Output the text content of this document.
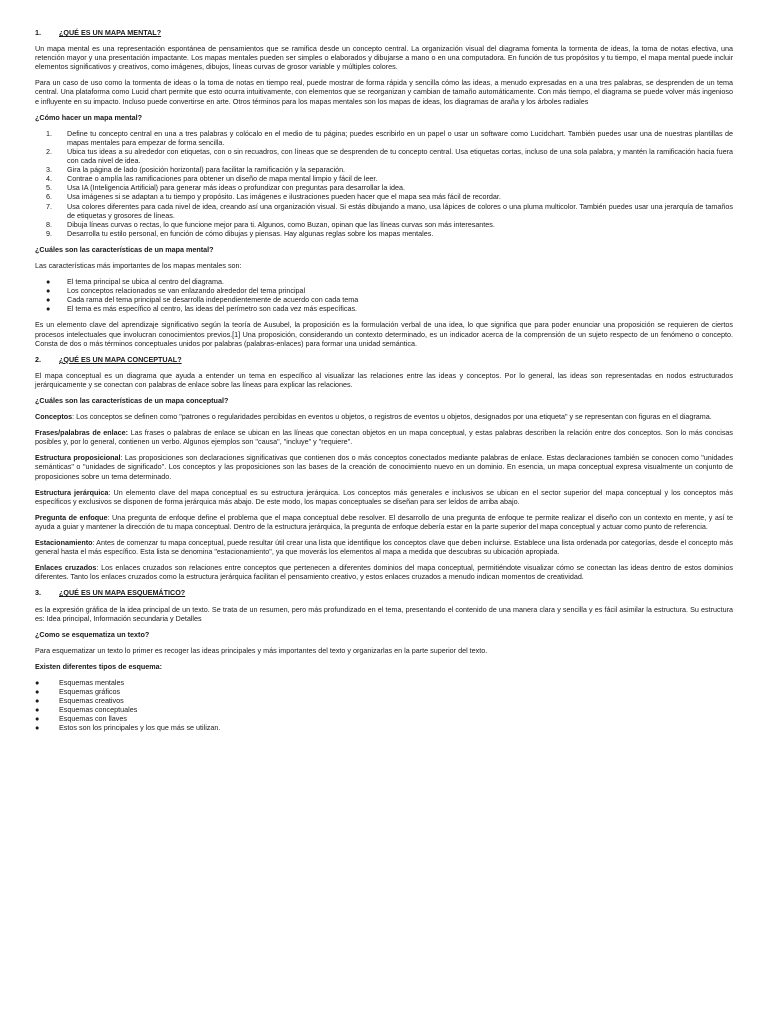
1.	¿QUÉ ES UN MAPA MENTAL?

Un mapa mental es una representación espontánea de pensamientos que se ramifica desde un concepto central. La organización visual del diagrama fomenta la tormenta de ideas, la toma de notas efectiva, una retención mayor y una presentación impactante. Los mapas mentales pueden ser simples o elaborados y dibujarse a mano o en una computadora. En función de tus propósitos y tu tiempo, el mapa mental puede incluir elementos significativos y creativos, como imágenes, dibujos, líneas curvas de grosor variable y múltiples colores.

Para un caso de uso como la tormenta de ideas o la toma de notas en tiempo real, puede mostrar de forma rápida y sencilla cómo las ideas, a menudo expresadas en a una tres palabras, se desprenden de un tema central. Una plataforma como Lucid chart permite que esto ocurra intuitivamente, con elementos que se reorganizan y cambian de tamaño automáticamente. Con más tiempo, el diagrama se puede volver más ingenioso e influyente en su impacto. Incluso puede convertirse en arte. Otros términos para los mapas mentales son los mapas de ideas, los diagramas de araña y los árboles radiales

¿Cómo hacer un mapa mental?
1. Define tu concepto central en una a tres palabras y colócalo en el medio de tu página; puedes escribirlo en un papel o usar un software como Lucidchart. También puedes usar una de nuestras plantillas de mapas mentales para empezar de forma sencilla.
2. Ubica tus ideas a su alrededor con etiquetas, con o sin recuadros, con líneas que se desprenden de tu concepto central. Usa etiquetas cortas, incluso de una sola palabra, y mantén la ramificación hacia fuera con cada nivel de idea.
3. Gira la página de lado (posición horizontal) para facilitar la ramificación y la separación.
4. Contrae o amplía las ramificaciones para obtener un diseño de mapa mental limpio y fácil de leer.
5. Usa IA (Inteligencia Artificial) para generar más ideas o profundizar con preguntas para desarrollar la idea.
6. Usa imágenes si se adaptan a tu tiempo y propósito. Las imágenes e ilustraciones pueden hacer que el mapa sea más fácil de recordar.
7. Usa colores diferentes para cada nivel de idea, creando así una organización visual. Si estás dibujando a mano, usa lápices de colores o una pluma multicolor. También puedes usar una jerarquía de tamaños de etiquetas y grosores de líneas.
8. Dibuja líneas curvas o rectas, lo que funcione mejor para ti. Algunos, como Buzan, opinan que las líneas curvas son más interesantes.
9. Desarrolla tu estilo personal, en función de cómo dibujas y piensas. Hay algunas reglas sobre los mapas mentales.
¿Cuáles son las características de un mapa mental?

Las características más importantes de los mapas mentales son:

● El tema principal se ubica al centro del diagrama.
● Los conceptos relacionados se van enlazando alrededor del tema principal
● Cada rama del tema principal se desarrolla independientemente de acuerdo con cada tema
● El tema es más específico al centro, las ideas del perímetro son cada vez más específicas.

Es un elemento clave del aprendizaje significativo según la teoría de Ausubel, la proposición es la formulación verbal de una idea, lo que significa que para poder enunciar una proposición se requieren de ciertos procesos intelectuales que involucran conocimientos previos.[1] Una proposición, considerando un contexto determinado, es un indicador acerca de la comprensión de un sujeto respecto de un fenómeno o concepto. Consta de dos o más términos conceptuales unidos por palabras (palabras-enlaces) para formar una unidad semántica.

2.	¿QUÉ ES UN MAPA CONCEPTUAL?

El mapa conceptual es un diagrama que ayuda a entender un tema en específico al visualizar las relaciones entre las ideas y conceptos. Por lo general, las ideas son representadas en nodos estructurados jerárquicamente y se conectan con palabras de enlace sobre las líneas para explicar las relaciones.

¿Cuáles son las características de un mapa conceptual?

Conceptos: Los conceptos se definen como "patrones o regularidades percibidas en eventos u objetos, o registros de eventos u objetos, designados por una etiqueta" y se representan con figuras en el diagrama.

Frases/palabras de enlace: Las frases o palabras de enlace se ubican en las líneas que conectan objetos en un mapa conceptual, y estas palabras describen la relación entre dos conceptos. Son lo más concisas posibles y, por lo general, contienen un verbo. Algunos ejemplos son "causa", "incluye" y "requiere".

Estructura proposicional: Las proposiciones son declaraciones significativas que contienen dos o más conceptos conectados mediante palabras de enlace. Estas declaraciones también se conocen como "unidades semánticas" o "unidades de significado". Los conceptos y las proposiciones son las bases de la creación de conocimiento nuevo en un dominio. En esencia, un mapa conceptual expresa visualmente un conjunto de proposiciones sobre un tema determinado.

Estructura jerárquica: Un elemento clave del mapa conceptual es su estructura jerárquica. Los conceptos más generales e inclusivos se ubican en el sector superior del mapa conceptual y los conceptos más específicos y exclusivos se disponen de forma jerárquica más abajo. De este modo, los mapas conceptuales se diseñan para ser leídos de arriba abajo.

Pregunta de enfoque: Una pregunta de enfoque define el problema que el mapa conceptual debe resolver. El desarrollo de una pregunta de enfoque te permite realizar el diseño con un contexto en mente, y así te ayuda a guiar y mantener la dirección de tu mapa conceptual. Dentro de la estructura jerárquica, la pregunta de enfoque debería estar en la parte superior del mapa conceptual y actuar como punto de referencia.

Estacionamiento: Antes de comenzar tu mapa conceptual, puede resultar útil crear una lista que identifique los conceptos clave que deben incluirse. Establece una lista ordenada por categorías, desde el concepto más general hasta el más específico. Esta lista se denomina "estacionamiento", ya que moverás los elementos al mapa a medida que descubras su ubicación apropiada.

Enlaces cruzados: Los enlaces cruzados son relaciones entre conceptos que pertenecen a diferentes dominios del mapa conceptual, permitiéndote visualizar cómo se conectan las ideas dentro de estos dominios diferentes. Tanto los enlaces cruzados como la estructura jerárquica facilitan el pensamiento creativo, y estos enlaces cruzados a menudo indican momentos de creatividad.

3.	¿QUÉ ES UN MAPA ESQUEMÁTICO?

es la expresión gráfica de la idea principal de un texto. Se trata de un resumen, pero más profundizado en el tema, presentando el contenido de una manera clara y sencilla y es fácil asimilar la estructura. Su estructura es: Idea principal, Información secundaria y Detalles

¿Como se esquematiza un texto?

Para esquematizar un texto lo primer es recoger las ideas principales y más importantes del texto y organizarlas en la parte superior del texto.

Existen diferentes tipos de esquema:
●	Esquemas mentales
●	Esquemas gráficos
●	Esquemas creativos
●	Esquemas conceptuales
●	Esquemas con llaves
●	Estos son los principales y los que más se utilizan.
